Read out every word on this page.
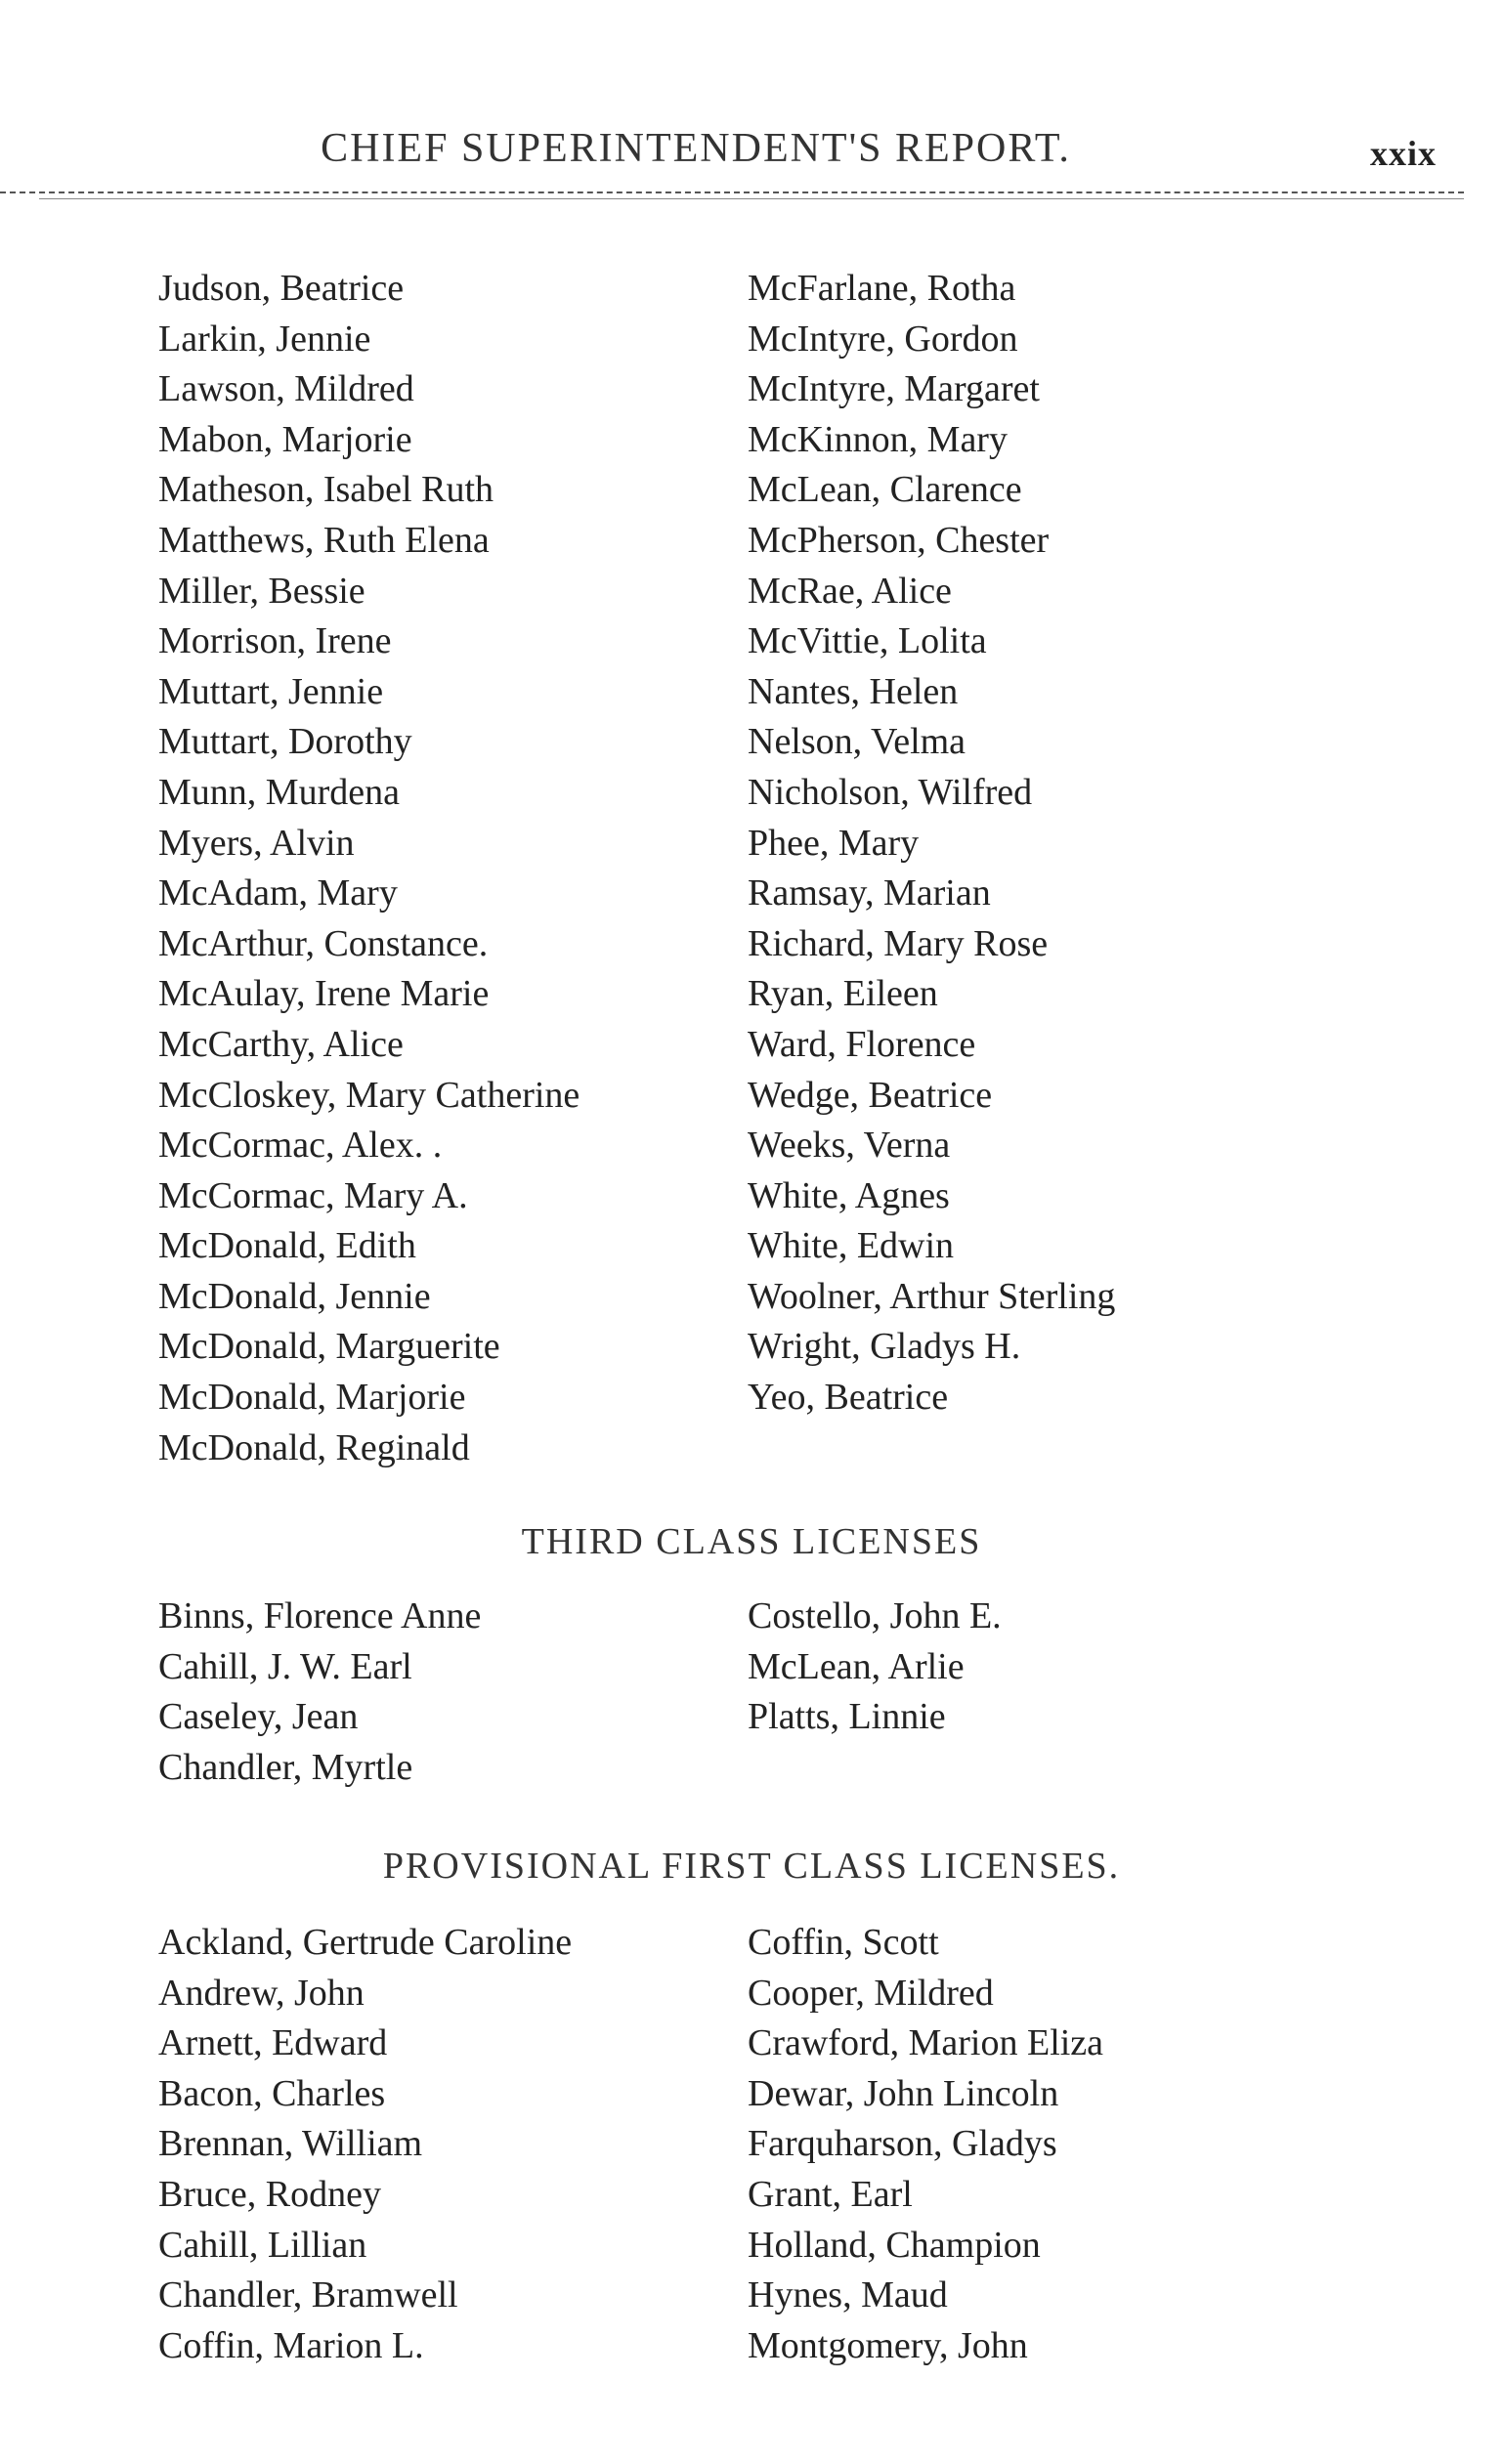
CHIEF SUPERINTENDENT'S REPORT.	xxix
Judson, Beatrice
Larkin, Jennie
Lawson, Mildred
Mabon, Marjorie
Matheson, Isabel Ruth
Matthews, Ruth Elena
Miller, Bessie
Morrison, Irene
Muttart, Jennie
Muttart, Dorothy
Munn, Murdena
Myers, Alvin
McAdam, Mary
McArthur, Constance.
McAulay, Irene Marie
McCarthy, Alice
McCloskey, Mary Catherine
McCormac, Alex. .
McCormac, Mary A.
McDonald, Edith
McDonald, Jennie
McDonald, Marguerite
McDonald, Marjorie
McDonald, Reginald
McFarlane, Rotha
McIntyre, Gordon
McIntyre, Margaret
McKinnon, Mary
McLean, Clarence
McPherson, Chester
McRae, Alice
McVittie, Lolita
Nantes, Helen
Nelson, Velma
Nicholson, Wilfred
Phee, Mary
Ramsay, Marian
Richard, Mary Rose
Ryan, Eileen
Ward, Florence
Wedge, Beatrice
Weeks, Verna
White, Agnes
White, Edwin
Woolner, Arthur Sterling
Wright, Gladys H.
Yeo, Beatrice
THIRD CLASS LICENSES
Binns, Florence Anne
Cahill, J. W. Earl
Caseley, Jean
Chandler, Myrtle
Costello, John E.
McLean, Arlie
Platts, Linnie
PROVISIONAL FIRST CLASS LICENSES.
Ackland, Gertrude Caroline
Andrew, John
Arnett, Edward
Bacon, Charles
Brennan, William
Bruce, Rodney
Cahill, Lillian
Chandler, Bramwell
Coffin, Marion L.
Coffin, Scott
Cooper, Mildred
Crawford, Marion Eliza
Dewar, John Lincoln
Farquharson, Gladys
Grant, Earl
Holland, Champion
Hynes, Maud
Montgomery, John
